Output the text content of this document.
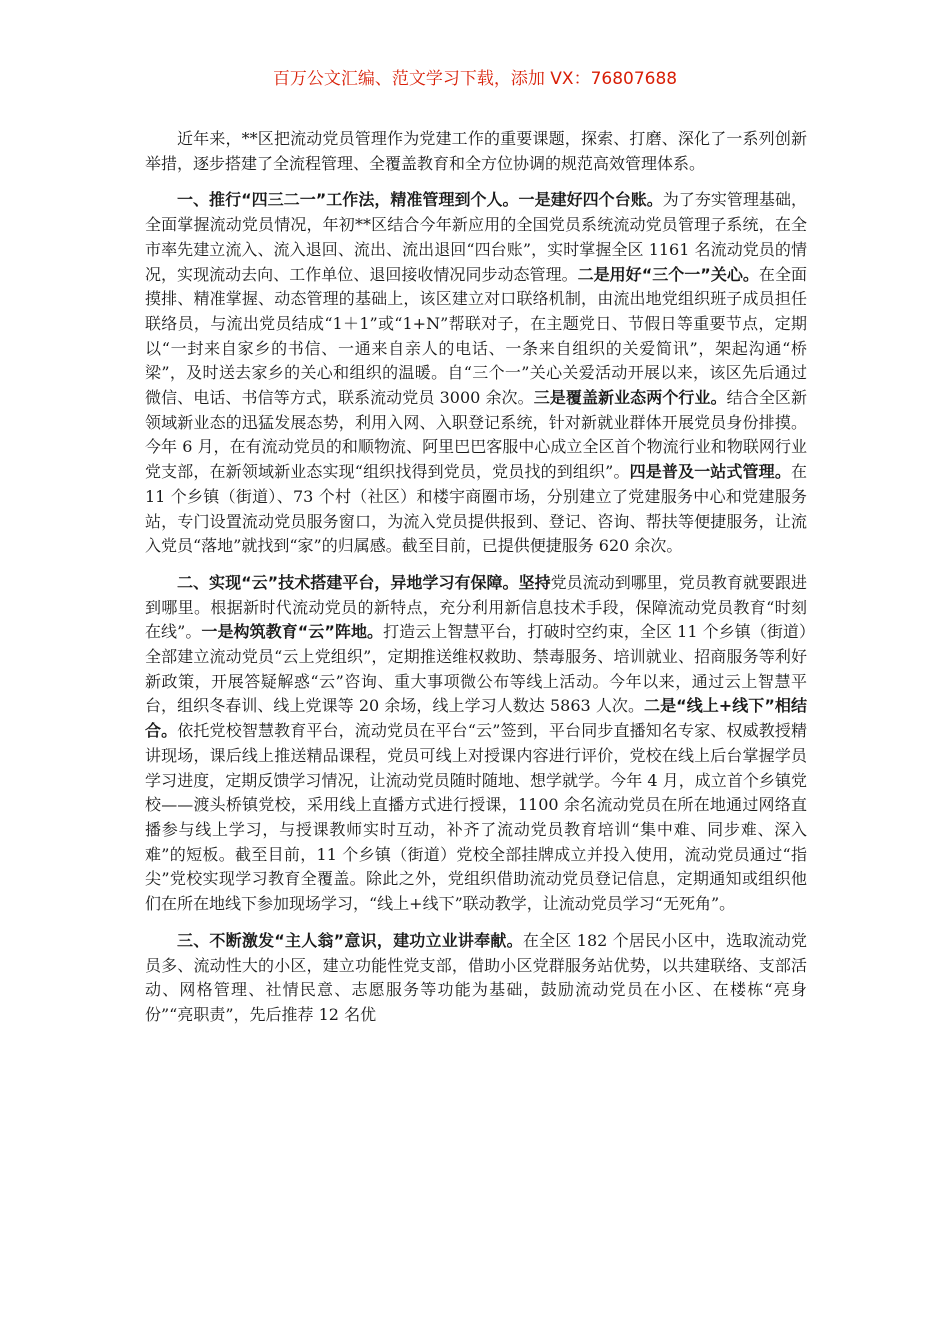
百万公文汇编、范文学习下载，添加 VX：76807688

近年来，**区把流动党员管理作为党建工作的重要课题，探索、打磨、深化了一系列创新举措，逐步搭建了全流程管理、全覆盖教育和全方位协调的规范高效管理体系。

一、推行“四三二一”工作法，精准管理到个人。一是建好四个台账。为了夯实管理基础，全面掌握流动党员情况，年初**区结合今年新应用的全国党员系统流动党员管理子系统，在全市率先建立流入、流入退回、流出、流出退回“四台账”，实时掌握全区 1161 名流动党员的情况，实现流动去向、工作单位、退回接收情况同步动态管理。二是用好“三个一”关心。在全面摸排、精准掌握、动态管理的基础上，该区建立对口联络机制，由流出地党组织班子成员担任联络员，与流出党员结成“1＋1”或“1+N”帮联对子，在主题党日、节假日等重要节点，定期以“一封来自家乡的书信、一通来自亲人的电话、一条来自组织的关爱简讯”，架起沟通“桥梁”，及时送去家乡的关心和组织的温暖。自“三个一”关心关爱活动开展以来，该区先后通过微信、电话、书信等方式，联系流动党员 3000 余次。三是覆盖新业态两个行业。结合全区新领域新业态的迅猛发展态势，利用入网、入职登记系统，针对新就业群体开展党员身份排摸。今年 6 月，在有流动党员的和顺物流、阿里巴巴客服中心成立全区首个物流行业和物联网行业党支部，在新领域新业态实现“组织找得到党员，党员找的到组织”。四是普及一站式管理。在 11 个乡镇（街道）、73 个村（社区）和楼宇商圈市场，分别建立了党建服务中心和党建服务站，专门设置流动党员服务窗口，为流入党员提供报到、登记、咨询、帮扶等便捷服务，让流入党员“落地”就找到“家”的归属感。截至目前，已提供便捷服务 620 余次。

二、实现“云”技术搭建平台，异地学习有保障。坚持党员流动到哪里，党员教育就要跟进到哪里。根据新时代流动党员的新特点，充分利用新信息技术手段，保障流动党员教育“时刻在线”。一是构筑教育“云”阵地。打造云上智慧平台，打破时空约束，全区 11 个乡镇（街道）全部建立流动党员“云上党组织”，定期推送维权救助、禁毒服务、培训就业、招商服务等利好新政策，开展答疑解惑“云”咨询、重大事项微公布等线上活动。今年以来，通过云上智慧平台，组织冬春训、线上党课等 20 余场，线上学习人数达 5863 人次。二是“线上+线下”相结合。依托党校智慧教育平台，流动党员在平台“云”签到，平台同步直播知名专家、权威教授精讲现场，课后线上推送精品课程，党员可线上对授课内容进行评价，党校在线上后台掌握学员学习进度，定期反馈学习情况，让流动党员随时随地、想学就学。今年 4 月，成立首个乡镇党校——渡头桥镇党校，采用线上直播方式进行授课，1100 余名流动党员在所在地通过网络直播参与线上学习，与授课教师实时互动，补齐了流动党员教育培训“集中难、同步难、深入难”的短板。截至目前，11 个乡镇（街道）党校全部挂牌成立并投入使用，流动党员通过“指尖”党校实现学习教育全覆盖。除此之外，党组织借助流动党员登记信息，定期通知或组织他们在所在地线下参加现场学习，“线上+线下”联动教学，让流动党员学习“无死角”。

三、不断激发“主人翁”意识，建功立业讲奉献。在全区 182 个居民小区中，选取流动党员多、流动性大的小区，建立功能性党支部，借助小区党群服务站优势，以共建联络、支部活动、网格管理、社情民意、志愿服务等功能为基础，鼓励流动党员在小区、在楼栋“亮身份”“亮职责”，先后推荐 12 名优
